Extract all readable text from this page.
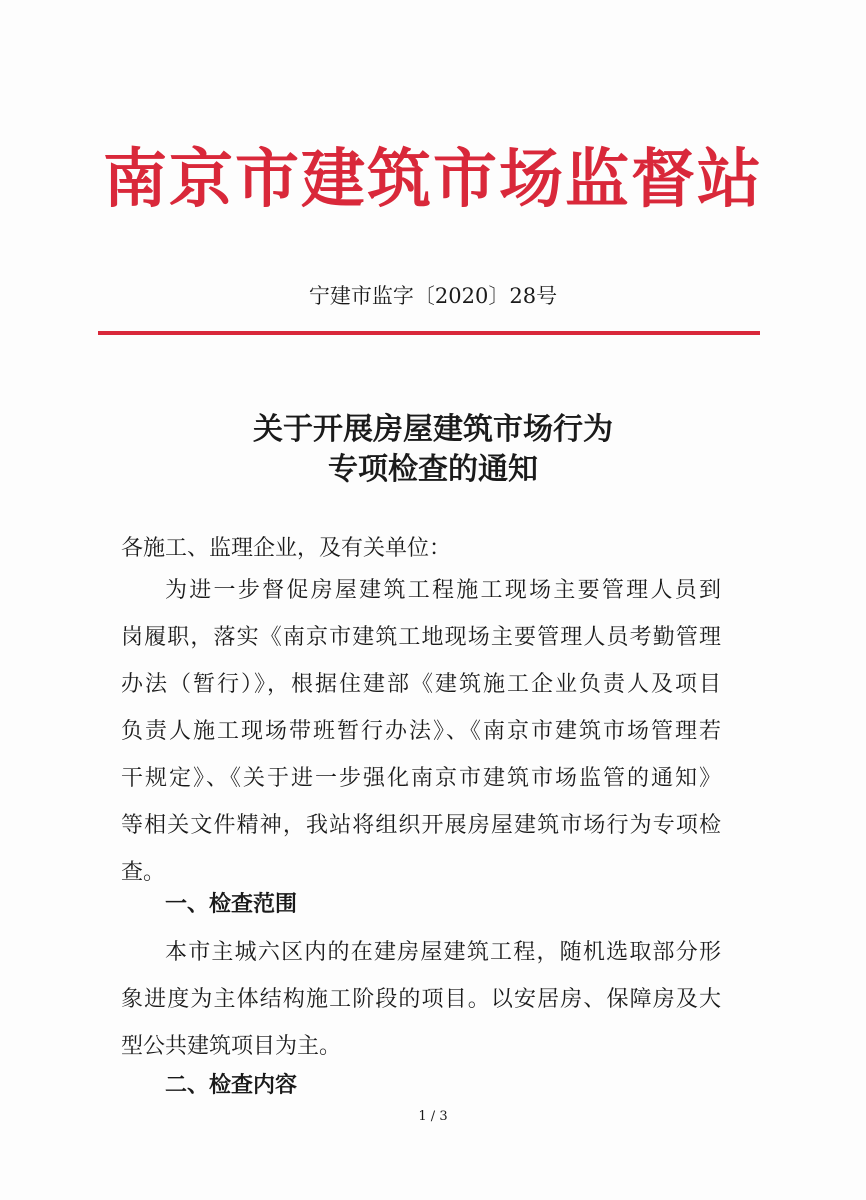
南京市建筑市场监督站
宁建市监字〔2020〕28号
关于开展房屋建筑市场行为
专项检查的通知
各施工、监理企业，及有关单位：
为进一步督促房屋建筑工程施工现场主要管理人员到
岗履职，落实《南京市建筑工地现场主要管理人员考勤管理
办法（暂行）》，根据住建部《建筑施工企业负责人及项目
负责人施工现场带班暂行办法》、《南京市建筑市场管理若
干规定》、《关于进一步强化南京市建筑市场监管的通知》
等相关文件精神，我站将组织开展房屋建筑市场行为专项检
查。
一、检查范围
本市主城六区内的在建房屋建筑工程，随机选取部分形
象进度为主体结构施工阶段的项目。以安居房、保障房及大
型公共建筑项目为主。
二、检查内容
1 / 3
